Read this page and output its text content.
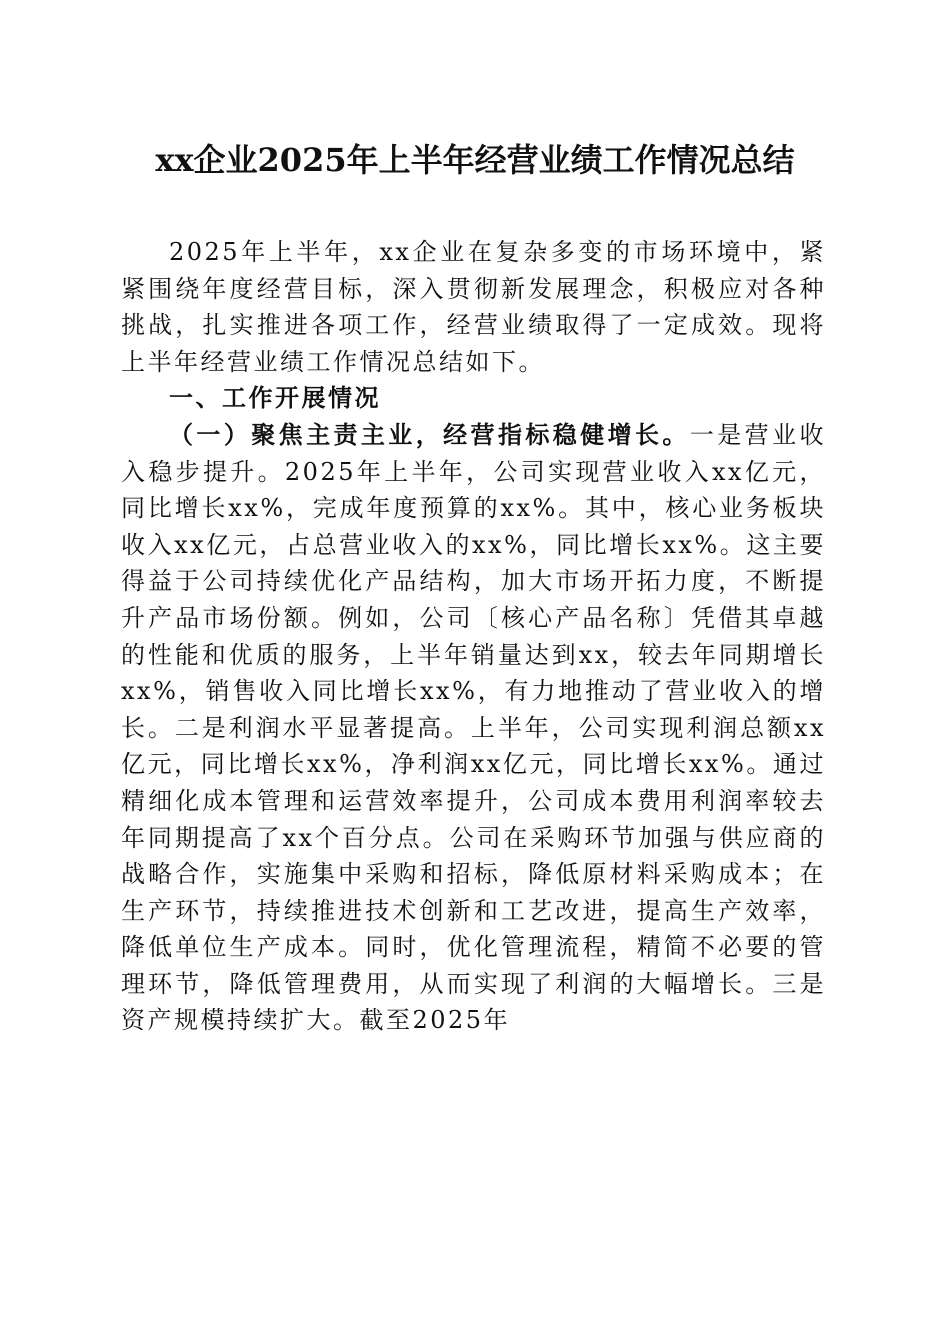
xx企业2025年上半年经营业绩工作情况总结

2025年上半年，xx企业在复杂多变的市场环境中，紧紧围绕年度经营目标，深入贯彻新发展理念，积极应对各种挑战，扎实推进各项工作，经营业绩取得了一定成效。现将上半年经营业绩工作情况总结如下。

一、工作开展情况

（一）聚焦主责主业，经营指标稳健增长。一是营业收入稳步提升。2025年上半年，公司实现营业收入xx亿元，同比增长xx%，完成年度预算的xx%。其中，核心业务板块收入xx亿元，占总营业收入的xx%，同比增长xx%。这主要得益于公司持续优化产品结构，加大市场开拓力度，不断提升产品市场份额。例如，公司〔核心产品名称〕凭借其卓越的性能和优质的服务，上半年销量达到xx，较去年同期增长xx%，销售收入同比增长xx%，有力地推动了营业收入的增长。二是利润水平显著提高。上半年，公司实现利润总额xx亿元，同比增长xx%，净利润xx亿元，同比增长xx%。通过精细化成本管理和运营效率提升，公司成本费用利润率较去年同期提高了xx个百分点。公司在采购环节加强与供应商的战略合作，实施集中采购和招标，降低原材料采购成本；在生产环节，持续推进技术创新和工艺改进，提高生产效率，降低单位生产成本。同时，优化管理流程，精简不必要的管理环节，降低管理费用，从而实现了利润的大幅增长。三是资产规模持续扩大。截至2025年
